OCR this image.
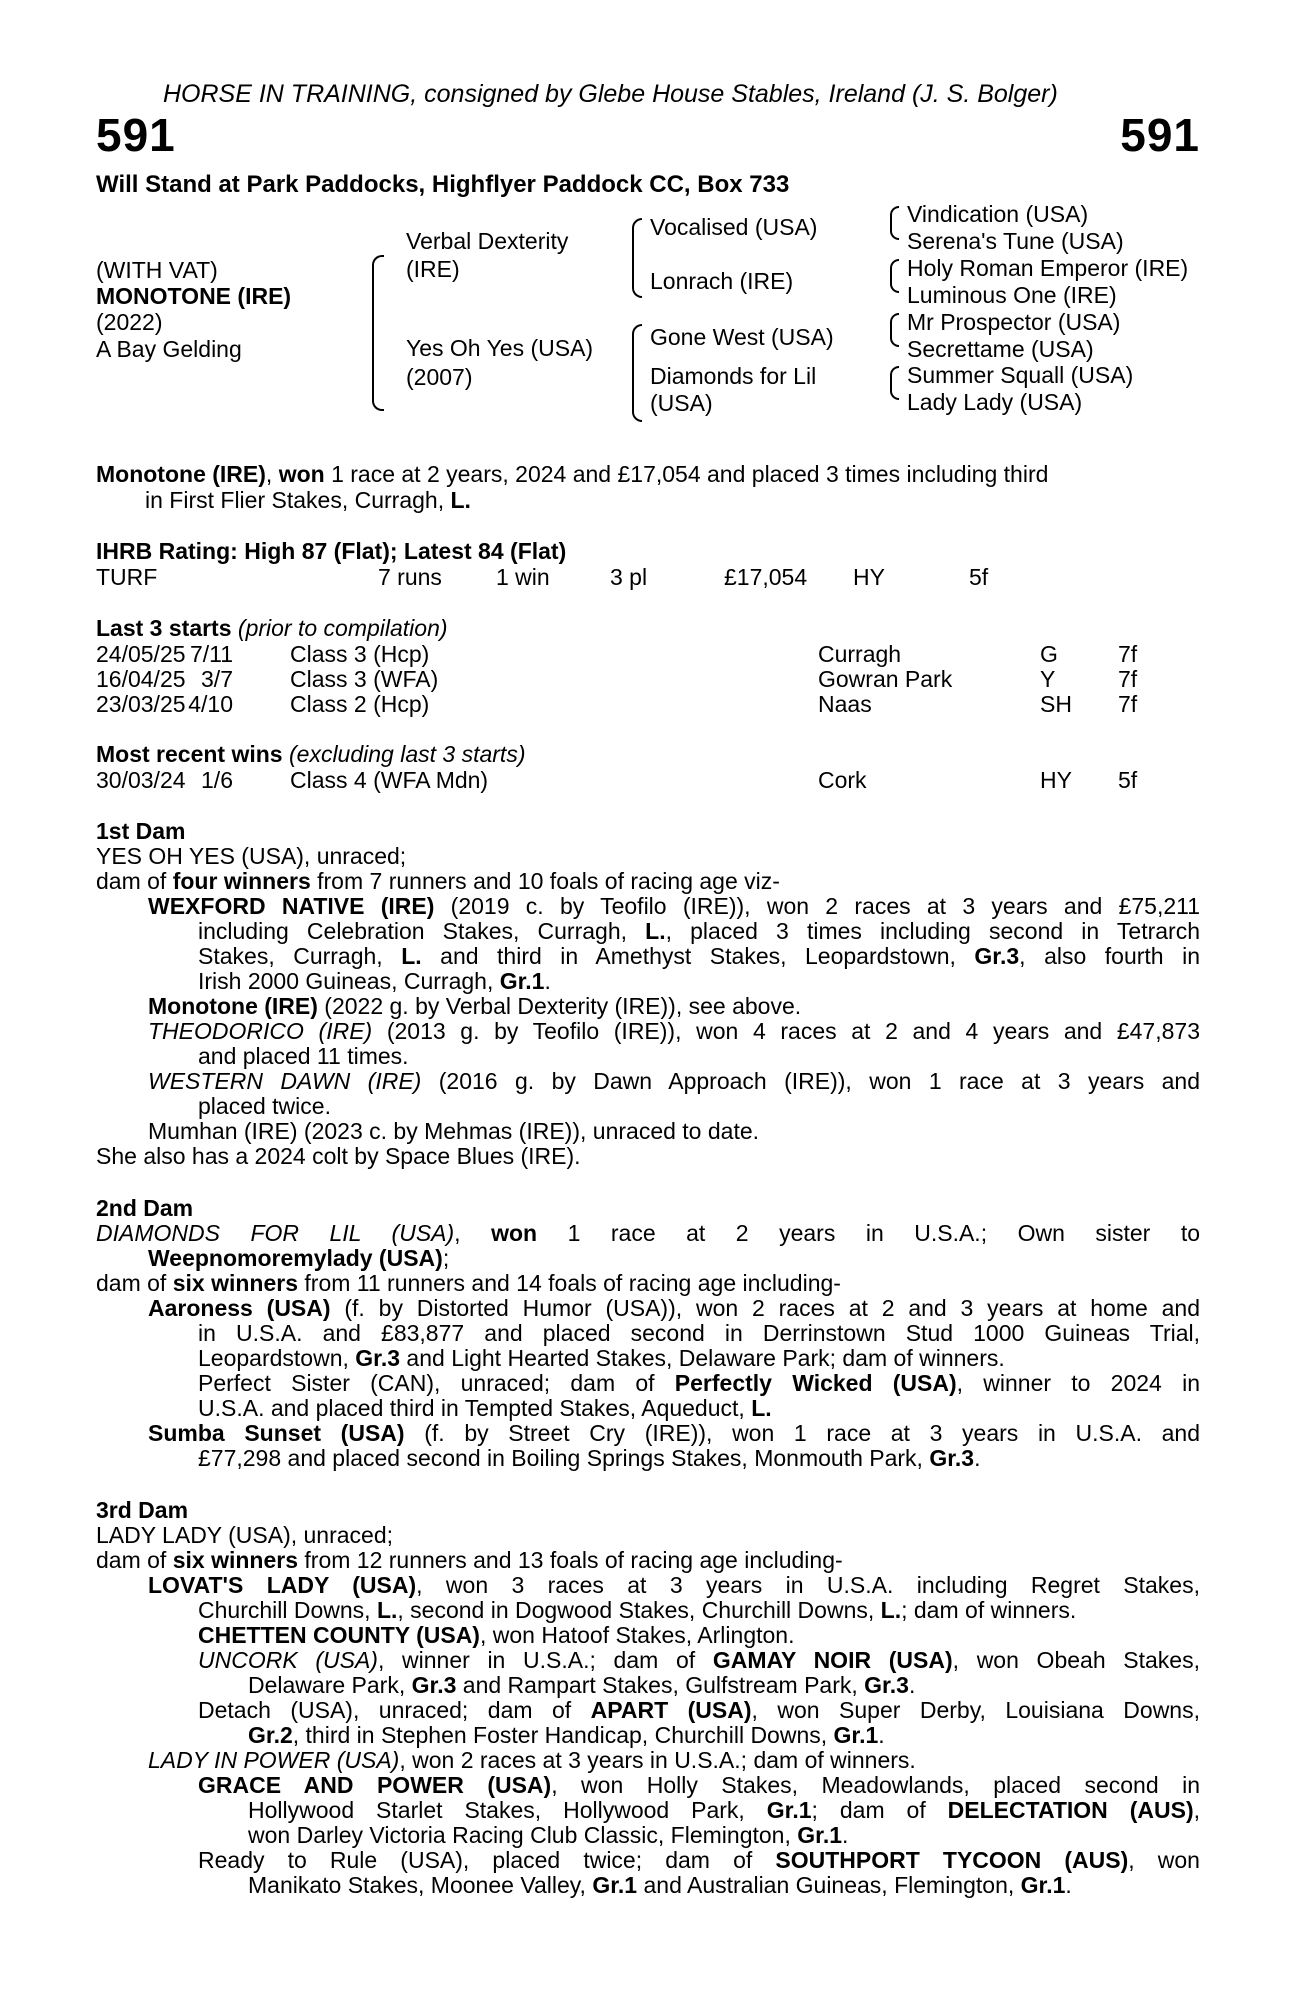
HORSE IN TRAINING, consigned by Glebe House Stables, Ireland (J. S. Bolger)
591	591
Will Stand at Park Paddocks, Highflyer Paddock CC, Box 733
(WITH VAT)
MONOTONE (IRE)
(2022)
A Bay Gelding
Verbal Dexterity
(IRE)
Yes Oh Yes (USA)
(2007)
Vocalised (USA)
Lonrach (IRE)
Gone West (USA)
Diamonds for Lil
(USA)
Vindication (USA)
Serena's Tune (USA)
Holy Roman Emperor (IRE)
Luminous One (IRE)
Mr Prospector (USA)
Secrettame (USA)
Summer Squall (USA)
Lady Lady (USA)
Monotone (IRE), won 1 race at 2 years, 2024 and £17,054 and placed 3 times including third
in First Flier Stakes, Curragh, L.
IHRB Rating: High 87 (Flat); Latest 84 (Flat)
TURF	7 runs 1 win	3 pl	£17,054 HY	5f
Last 3 starts (prior to compilation)
24/05/25 7/11 Class 3 (Hcp)	Curragh	G	7f
16/04/25 3/7 Class 3 (WFA)	Gowran Park	Y	7f
23/03/25 4/10 Class 2 (Hcp)	Naas	SH 7f
Most recent wins (excluding last 3 starts)
30/03/24 1/6 Class 4 (WFA Mdn)	Cork	HY 5f
1st Dam
YES OH YES (USA), unraced;
dam of four winners from 7 runners and 10 foals of racing age viz-
WEXFORD NATIVE (IRE) (2019 c. by Teofilo (IRE)), won 2 races at 3 years and £75,211
including Celebration Stakes, Curragh, L., placed 3 times including second in Tetrarch
Stakes, Curragh, L. and third in Amethyst Stakes, Leopardstown, Gr.3, also fourth in
Irish 2000 Guineas, Curragh, Gr.1.
Monotone (IRE) (2022 g. by Verbal Dexterity (IRE)), see above.
THEODORICO (IRE) (2013 g. by Teofilo (IRE)), won 4 races at 2 and 4 years and £47,873
and placed 11 times.
WESTERN DAWN (IRE) (2016 g. by Dawn Approach (IRE)), won 1 race at 3 years and
placed twice.
Mumhan (IRE) (2023 c. by Mehmas (IRE)), unraced to date.
She also has a 2024 colt by Space Blues (IRE).
2nd Dam
DIAMONDS FOR LIL (USA), won 1 race at 2 years in U.S.A.; Own sister to
Weepnomoremylady (USA);
dam of six winners from 11 runners and 14 foals of racing age including-
Aaroness (USA) (f. by Distorted Humor (USA)), won 2 races at 2 and 3 years at home and
in U.S.A. and £83,877 and placed second in Derrinstown Stud 1000 Guineas Trial,
Leopardstown, Gr.3 and Light Hearted Stakes, Delaware Park; dam of winners.
Perfect Sister (CAN), unraced; dam of Perfectly Wicked (USA), winner to 2024 in
U.S.A. and placed third in Tempted Stakes, Aqueduct, L.
Sumba Sunset (USA) (f. by Street Cry (IRE)), won 1 race at 3 years in U.S.A. and
£77,298 and placed second in Boiling Springs Stakes, Monmouth Park, Gr.3.
3rd Dam
LADY LADY (USA), unraced;
dam of six winners from 12 runners and 13 foals of racing age including-
LOVAT'S LADY (USA), won 3 races at 3 years in U.S.A. including Regret Stakes,
Churchill Downs, L., second in Dogwood Stakes, Churchill Downs, L.; dam of winners.
CHETTEN COUNTY (USA), won Hatoof Stakes, Arlington.
UNCORK (USA), winner in U.S.A.; dam of GAMAY NOIR (USA), won Obeah Stakes,
Delaware Park, Gr.3 and Rampart Stakes, Gulfstream Park, Gr.3.
Detach (USA), unraced; dam of APART (USA), won Super Derby, Louisiana Downs,
Gr.2, third in Stephen Foster Handicap, Churchill Downs, Gr.1.
LADY IN POWER (USA), won 2 races at 3 years in U.S.A.; dam of winners.
GRACE AND POWER (USA), won Holly Stakes, Meadowlands, placed second in
Hollywood Starlet Stakes, Hollywood Park, Gr.1; dam of DELECTATION (AUS),
won Darley Victoria Racing Club Classic, Flemington, Gr.1.
Ready to Rule (USA), placed twice; dam of SOUTHPORT TYCOON (AUS), won
Manikato Stakes, Moonee Valley, Gr.1 and Australian Guineas, Flemington, Gr.1.
